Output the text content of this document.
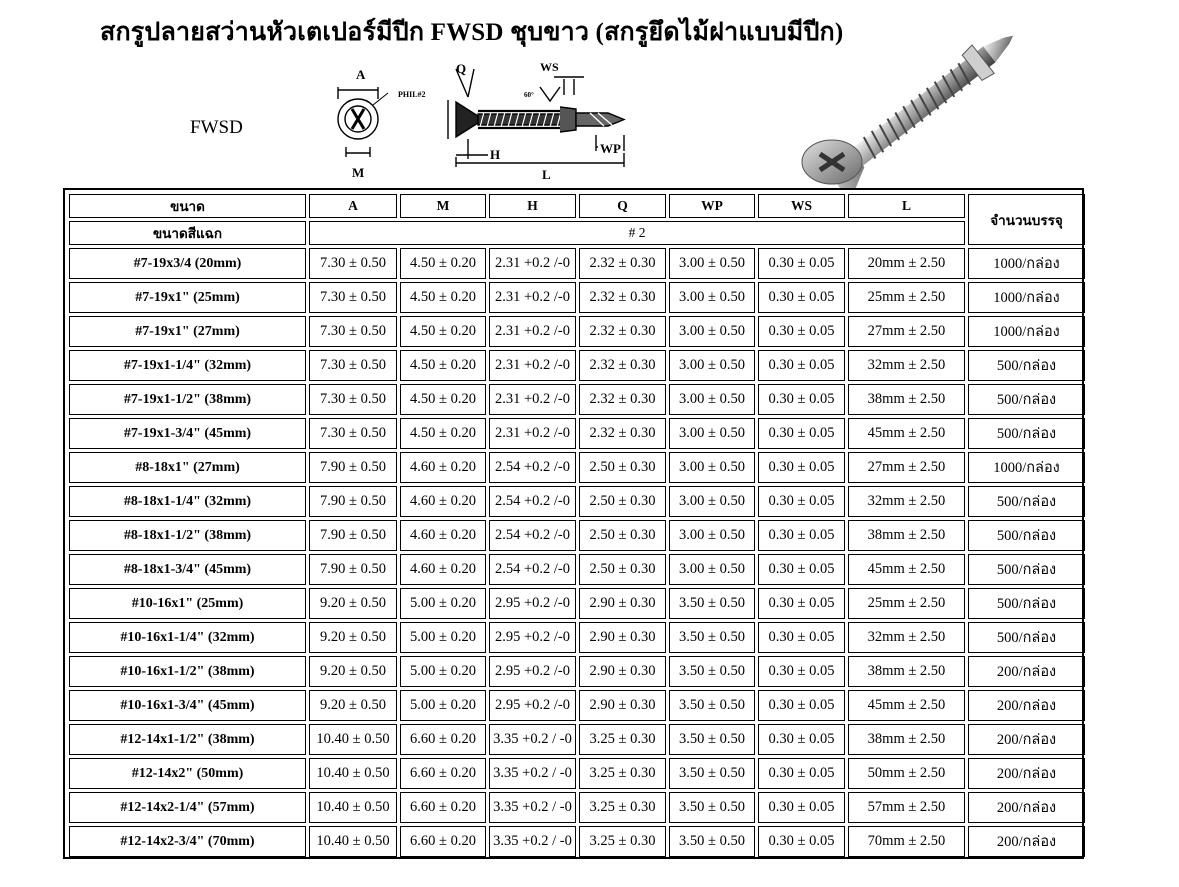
สกรูปลายสว่านหัวเตเปอร์มีปีก FWSD ชุบขาว (สกรูยึดไม้ฝาแบบมีปีก)
FWSD
A
M
Q	WS
H	WP
L
PHIL#2	60°
ขนาด	A	M	H	Q	WP	WS	L	จำนวนบรรจุ
ขนาดสีแฉก	# 2							
#7-19x3/4 (20mm)	7.30 ± 0.50	4.50 ± 0.20	2.31 +0.2 /-0	2.32 ± 0.30	3.00 ± 0.50	0.30 ± 0.05	20mm ± 2.50	1000/กล่อง
#7-19x1" (25mm)	7.30 ± 0.50	4.50 ± 0.20	2.31 +0.2 /-0	2.32 ± 0.30	3.00 ± 0.50	0.30 ± 0.05	25mm ± 2.50	1000/กล่อง
#7-19x1" (27mm)	7.30 ± 0.50	4.50 ± 0.20	2.31 +0.2 /-0	2.32 ± 0.30	3.00 ± 0.50	0.30 ± 0.05	27mm ± 2.50	1000/กล่อง
#7-19x1-1/4" (32mm)	7.30 ± 0.50	4.50 ± 0.20	2.31 +0.2 /-0	2.32 ± 0.30	3.00 ± 0.50	0.30 ± 0.05	32mm ± 2.50	500/กล่อง
#7-19x1-1/2" (38mm)	7.30 ± 0.50	4.50 ± 0.20	2.31 +0.2 /-0	2.32 ± 0.30	3.00 ± 0.50	0.30 ± 0.05	38mm ± 2.50	500/กล่อง
#7-19x1-3/4" (45mm)	7.30 ± 0.50	4.50 ± 0.20	2.31 +0.2 /-0	2.32 ± 0.30	3.00 ± 0.50	0.30 ± 0.05	45mm ± 2.50	500/กล่อง
#8-18x1" (27mm)	7.90 ± 0.50	4.60 ± 0.20	2.54 +0.2 /-0	2.50 ± 0.30	3.00 ± 0.50	0.30 ± 0.05	27mm ± 2.50	1000/กล่อง
#8-18x1-1/4" (32mm)	7.90 ± 0.50	4.60 ± 0.20	2.54 +0.2 /-0	2.50 ± 0.30	3.00 ± 0.50	0.30 ± 0.05	32mm ± 2.50	500/กล่อง
#8-18x1-1/2" (38mm)	7.90 ± 0.50	4.60 ± 0.20	2.54 +0.2 /-0	2.50 ± 0.30	3.00 ± 0.50	0.30 ± 0.05	38mm ± 2.50	500/กล่อง
#8-18x1-3/4" (45mm)	7.90 ± 0.50	4.60 ± 0.20	2.54 +0.2 /-0	2.50 ± 0.30	3.00 ± 0.50	0.30 ± 0.05	45mm ± 2.50	500/กล่อง
#10-16x1" (25mm)	9.20 ± 0.50	5.00 ± 0.20	2.95 +0.2 /-0	2.90 ± 0.30	3.50 ± 0.50	0.30 ± 0.05	25mm ± 2.50	500/กล่อง
#10-16x1-1/4" (32mm)	9.20 ± 0.50	5.00 ± 0.20	2.95 +0.2 /-0	2.90 ± 0.30	3.50 ± 0.50	0.30 ± 0.05	32mm ± 2.50	500/กล่อง
#10-16x1-1/2" (38mm)	9.20 ± 0.50	5.00 ± 0.20	2.95 +0.2 /-0	2.90 ± 0.30	3.50 ± 0.50	0.30 ± 0.05	38mm ± 2.50	200/กล่อง
#10-16x1-3/4" (45mm)	9.20 ± 0.50	5.00 ± 0.20	2.95 +0.2 /-0	2.90 ± 0.30	3.50 ± 0.50	0.30 ± 0.05	45mm ± 2.50	200/กล่อง
#12-14x1-1/2" (38mm)	10.40 ± 0.50	6.60 ± 0.20	3.35 +0.2 / -0	3.25 ± 0.30	3.50 ± 0.50	0.30 ± 0.05	38mm ± 2.50	200/กล่อง
#12-14x2" (50mm)	10.40 ± 0.50	6.60 ± 0.20	3.35 +0.2 / -0	3.25 ± 0.30	3.50 ± 0.50	0.30 ± 0.05	50mm ± 2.50	200/กล่อง
#12-14x2-1/4" (57mm)	10.40 ± 0.50	6.60 ± 0.20	3.35 +0.2 / -0	3.25 ± 0.30	3.50 ± 0.50	0.30 ± 0.05	57mm ± 2.50	200/กล่อง
#12-14x2-3/4" (70mm)	10.40 ± 0.50	6.60 ± 0.20	3.35 +0.2 / -0	3.25 ± 0.30	3.50 ± 0.50	0.30 ± 0.05	70mm ± 2.50	200/กล่อง
